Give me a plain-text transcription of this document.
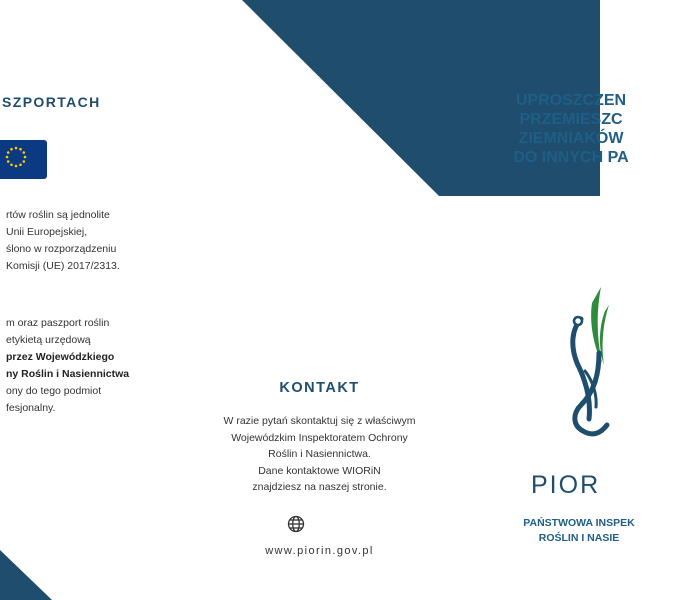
SZPORTACH
rtów roślin są jednolite
Unii Europejskiej,
ślono w rozporządzeniu
Komisji (UE) 2017/2313.
m oraz paszport roślin
etykietą urzędową
przez Wojewódzkiego
ny Roślin i Nasiennictwa
ony do tego podmiot
fesjonalny.
KONTAKT
W razie pytań skontaktuj się z właściwym
Wojewódzkim Inspektoratem Ochrony
Roślin i Nasiennictwa.
Dane kontaktowe WIORiN
znajdziesz na naszej stronie.
www.piorin.gov.pl
UPROSZCZEN
PRZEMIESZC
ZIEMNIAKÓW
DO INNYCH PA
PIOR
PAŃSTWOWA INSPEK
ROŚLIN I NASIE
